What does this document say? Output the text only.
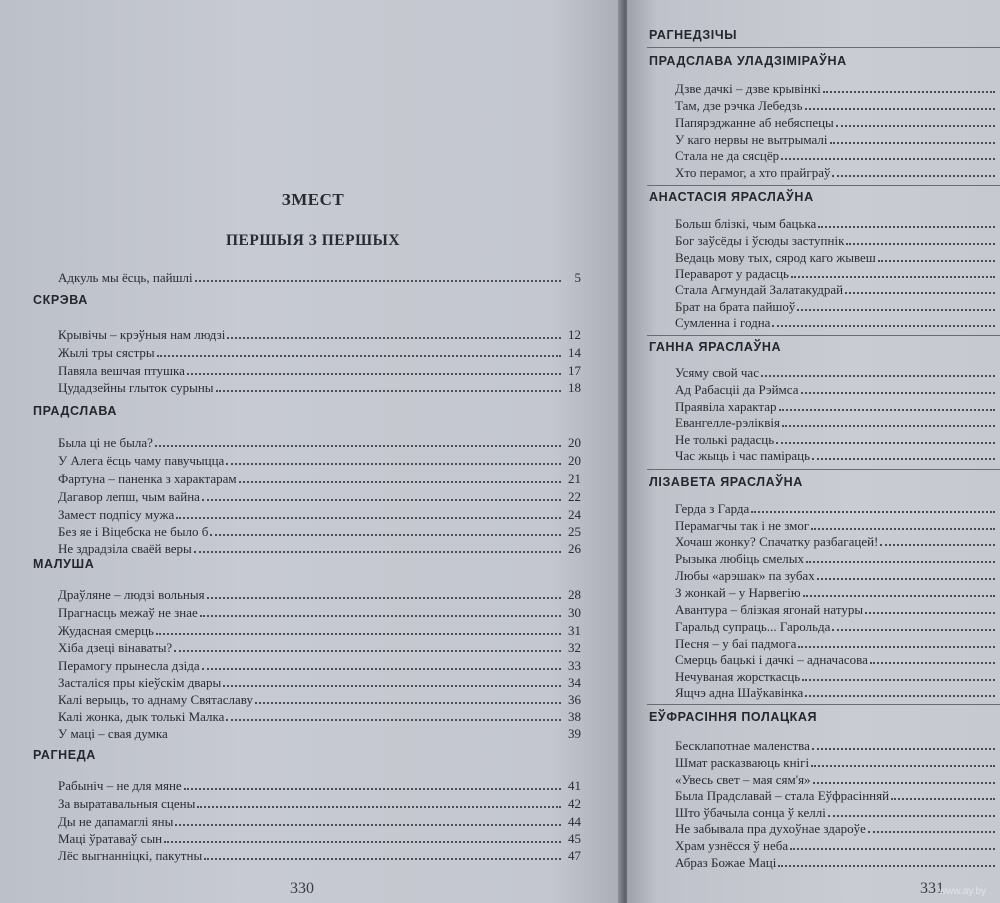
ЗМЕСТ
ПЕРШЫЯ З ПЕРШЫХ
Адкуль мы ёсць, пайшлі	5
СКРЭВА
Крывічы – крэўныя нам людзі	12
Жылі тры сястры	14
Павяла вешчая птушка	17
Цудадзейны глыток сурыны	18
ПРАДСЛАВА
Была ці не была?	20
У Алега ёсць чаму павучыцца	20
Фартуна – паненка з характарам	21
Дагавор лепш, чым вайна	22
Замест подпісу мужа	24
Без яе і Віцебска не было б	25
Не здрадзіла сваёй веры	26
МАЛУША
Драўляне – людзі вольныя	28
Прагнасць межаў не знае	30
Жудасная смерць	31
Хіба дзеці вінаваты?	32
Перамогу прынесла дзіда	33
Засталіся пры кіеўскім двары	34
Калі верыць, то аднаму Святаславу	36
Калі жонка, дык толькі Малка	38
У маці – свая думка	39
РАГНЕДА
Рабыніч – не для мяне	41
За выратавальныя сцены	42
Ды не дапамаглі яны	44
Маці ўратаваў сын	45
Лёс выгнанніцкі, пакутны	47
330
РАГНЕДЗІЧЫ
ПРАДСЛАВА УЛАДЗІМІРАЎНА
Дзве дачкі – дзве крывінкі
Там, дзе рэчка Лебедзь
Папярэджанне аб небяспецы
У каго нервы не вытрымалі
Стала не да сясцёр
Хто перамог, а хто прайграў
АНАСТАСІЯ ЯРАСЛАЎНА
Больш блізкі, чым бацька
Бог заўсёды і ўсюды заступнік
Ведаць мову тых, сярод каго жывеш
Пераварот у радасць
Стала Агмундай Залатакудрай
Брат на брата пайшоў
Сумленна і годна
ГАННА ЯРАСЛАЎНА
Усяму свой час
Ад Рабасціі да Рэймса
Праявіла характар
Евангелле-рэліквія
Не толькі радасць
Час жыць і час паміраць
ЛІЗАВЕТА ЯРАСЛАЎНА
Герда з Гарда
Перамагчы так і не змог
Хочаш жонку? Спачатку разбагацей!
Рызыка любіць смелых
Любы «арэшак» па зубах
З жонкай – у Нарвегію
Авантура – блізкая ягонай натуры
Гаральд супраць... Гарольда
Песня – у баі падмога
Смерць бацькі і дачкі – адначасова
Нечуваная жорсткасць
Ящчэ адна Шаўкавінка
ЕЎФРАСІННЯ ПОЛАЦКАЯ
Бесклапотнае маленства
Шмат расказваюць кнігі
«Увесь свет – мая сям'я»
Была Прадславай – стала Еўфрасінняй
Што ўбачыла сонца ў келлі
Не забывала пра духоўнае здароўе
Храм узнёсся ў неба
Абраз Божае Маці
331
www.ay.by
